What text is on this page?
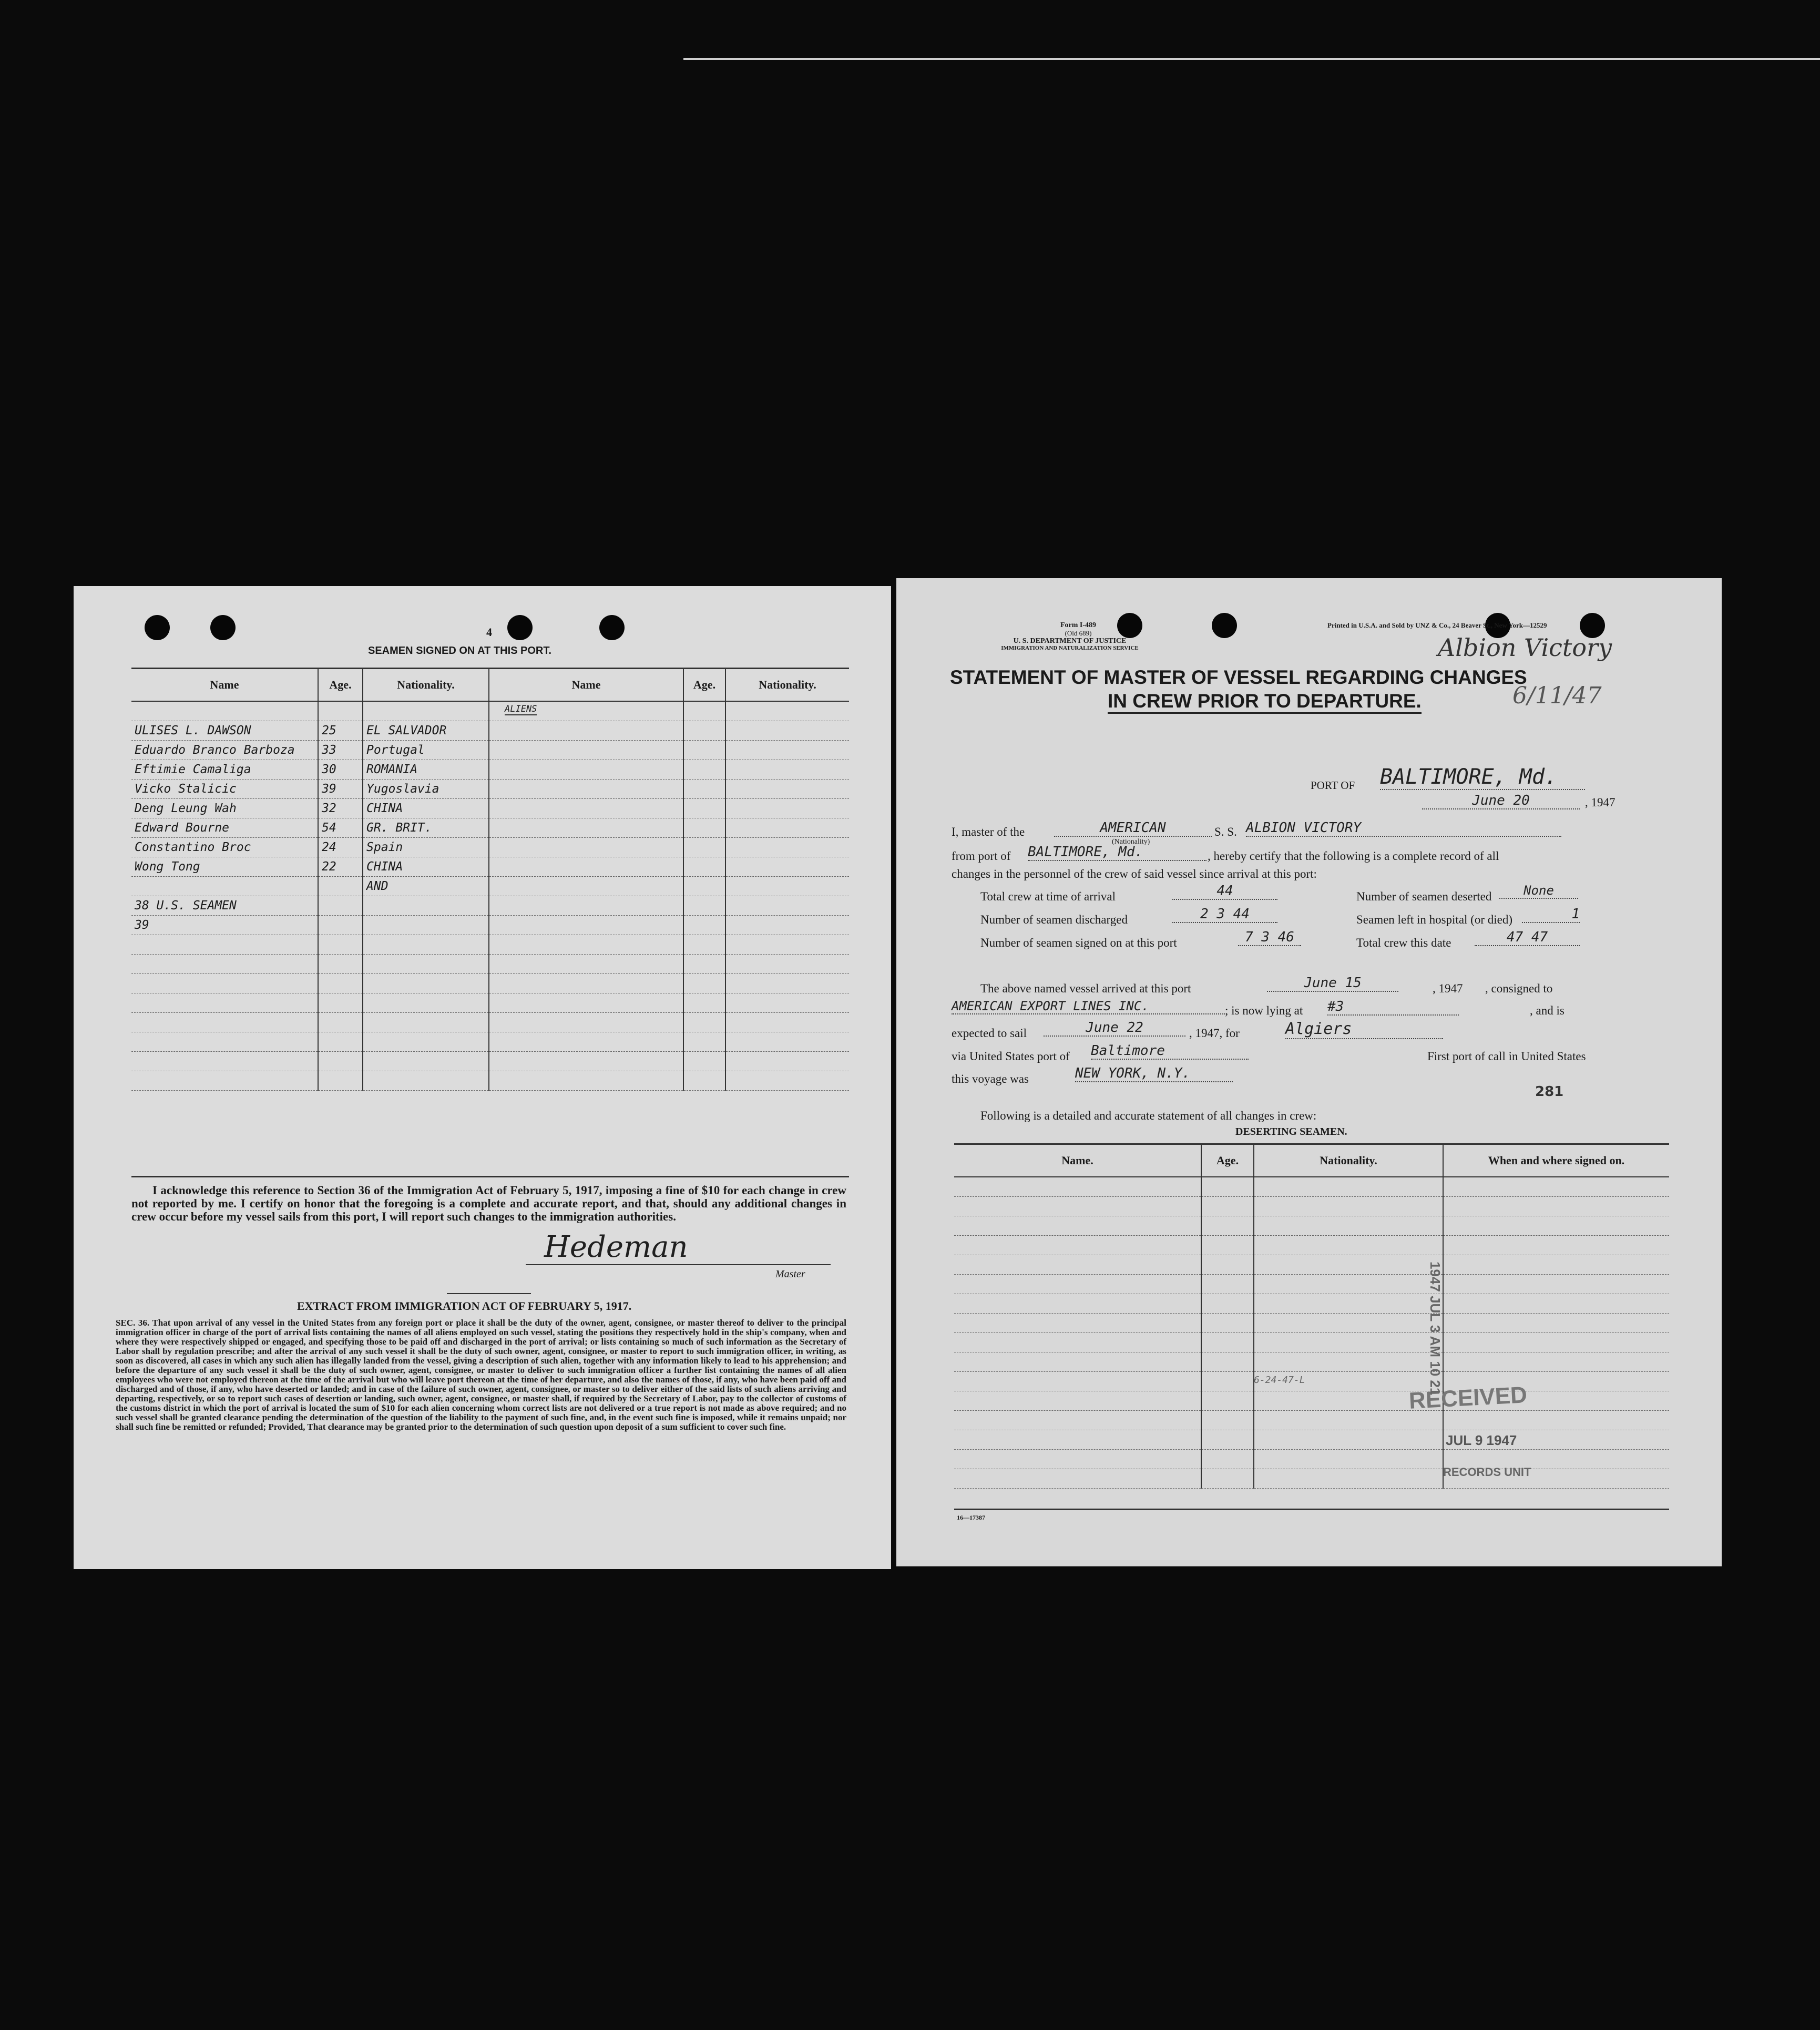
4
SEAMEN SIGNED ON AT THIS PORT.
ALIENS
Name	Age.	Nationality.	Name	Age.	Nationality.

ULISES L. DAWSON	25	EL SALVADOR			
Eduardo Branco Barboza	33	Portugal			
Eftimie Camaliga	30	ROMANIA			
Vicko Stalicic	39	Yugoslavia			
Deng Leung Wah	32	CHINA			
Edward Bourne	54	GR. BRIT.			
Constantino Broc	24	Spain			
Wong Tong	22	CHINA			
		AND			
38 U.S. SEAMEN					
39					

I acknowledge this reference to Section 36 of the Immigration Act of February 5, 1917, imposing a fine of $10 for each change in crew not reported by me. I certify on honor that the foregoing is a complete and accurate report, and that, should any additional changes in crew occur before my vessel sails from this port, I will report such changes to the immigration authorities.
Hedeman
Master
EXTRACT FROM IMMIGRATION ACT OF FEBRUARY 5, 1917.
SEC. 36. That upon arrival of any vessel in the United States from any foreign port or place it shall be the duty of the owner, agent, consignee, or master thereof to deliver to the principal immigration officer in charge of the port of arrival lists containing the names of all aliens employed on such vessel, stating the positions they respectively hold in the ship's company, when and where they were respectively shipped or engaged, and specifying those to be paid off and discharged in the port of arrival; or lists containing so much of such information as the Secretary of Labor shall by regulation prescribe; and after the arrival of any such vessel it shall be the duty of such owner, agent, consignee, or master to report to such immigration officer, in writing, as soon as discovered, all cases in which any such alien has illegally landed from the vessel, giving a description of such alien, together with any information likely to lead to his apprehension; and before the departure of any such vessel it shall be the duty of such owner, agent, consignee, or master to deliver to such immigration officer a further list containing the names of all alien employees who were not employed thereon at the time of the arrival but who will leave port thereon at the time of her departure, and also the names of those, if any, who have been paid off and discharged and of those, if any, who have deserted or landed; and in case of the failure of such owner, agent, consignee, or master so to deliver either of the said lists of such aliens arriving and departing, respectively, or so to report such cases of desertion or landing, such owner, agent, consignee, or master shall, if required by the Secretary of Labor, pay to the collector of customs of the customs district in which the port of arrival is located the sum of $10 for each alien concerning whom correct lists are not delivered or a true report is not made as above required; and no such vessel shall be granted clearance pending the determination of the question of the liability to the payment of such fine, and, in the event such fine is imposed, while it remains unpaid; nor shall such fine be remitted or refunded; Provided, That clearance may be granted prior to the determination of such question upon deposit of a sum sufficient to cover such fine.
Form I-489
(Old 689)
U. S. DEPARTMENT OF JUSTICE
IMMIGRATION AND NATURALIZATION SERVICE
Printed in U.S.A. and Sold by UNZ & Co., 24 Beaver St., New York—12529
Albion Victory
STATEMENT OF MASTER OF VESSEL REGARDING CHANGES
IN CREW PRIOR TO DEPARTURE.	6/11/47
PORT OF BALTIMORE, Md.
June 20	, 1947
I, master of the	AMERICAN
(Nationality)
S. S. ALBION VICTORY
from port of BALTIMORE, Md.	, hereby certify that the following is a complete record of all
changes in the personnel of the crew of said vessel since arrival at this port:
Total crew at time of arrival	44
Number of seamen discharged	2 3 44
Number of seamen signed on at this port	7 3 46
Number of seamen deserted	None
Seamen left in hospital (or died)	1
Total crew this date	47 47
The above named vessel arrived at this port	June 15	, 1947 , consigned to
AMERICAN EXPORT LINES INC.	; is now lying at #3	, and is
expected to sail	June 22	, 1947, for	Algiers
via United States port of Baltimore	First port of call in United States
this voyage was	NEW YORK, N.Y.
281
Following is a detailed and accurate statement of all changes in crew:
DESERTING SEAMEN.
Name.	Age.	Nationality.	When and where signed on.

6-24-47-L
RECEIVED
JUL 9 1947
RECORDS UNIT
1947 JUL 3 AM 10 21
16—17387
